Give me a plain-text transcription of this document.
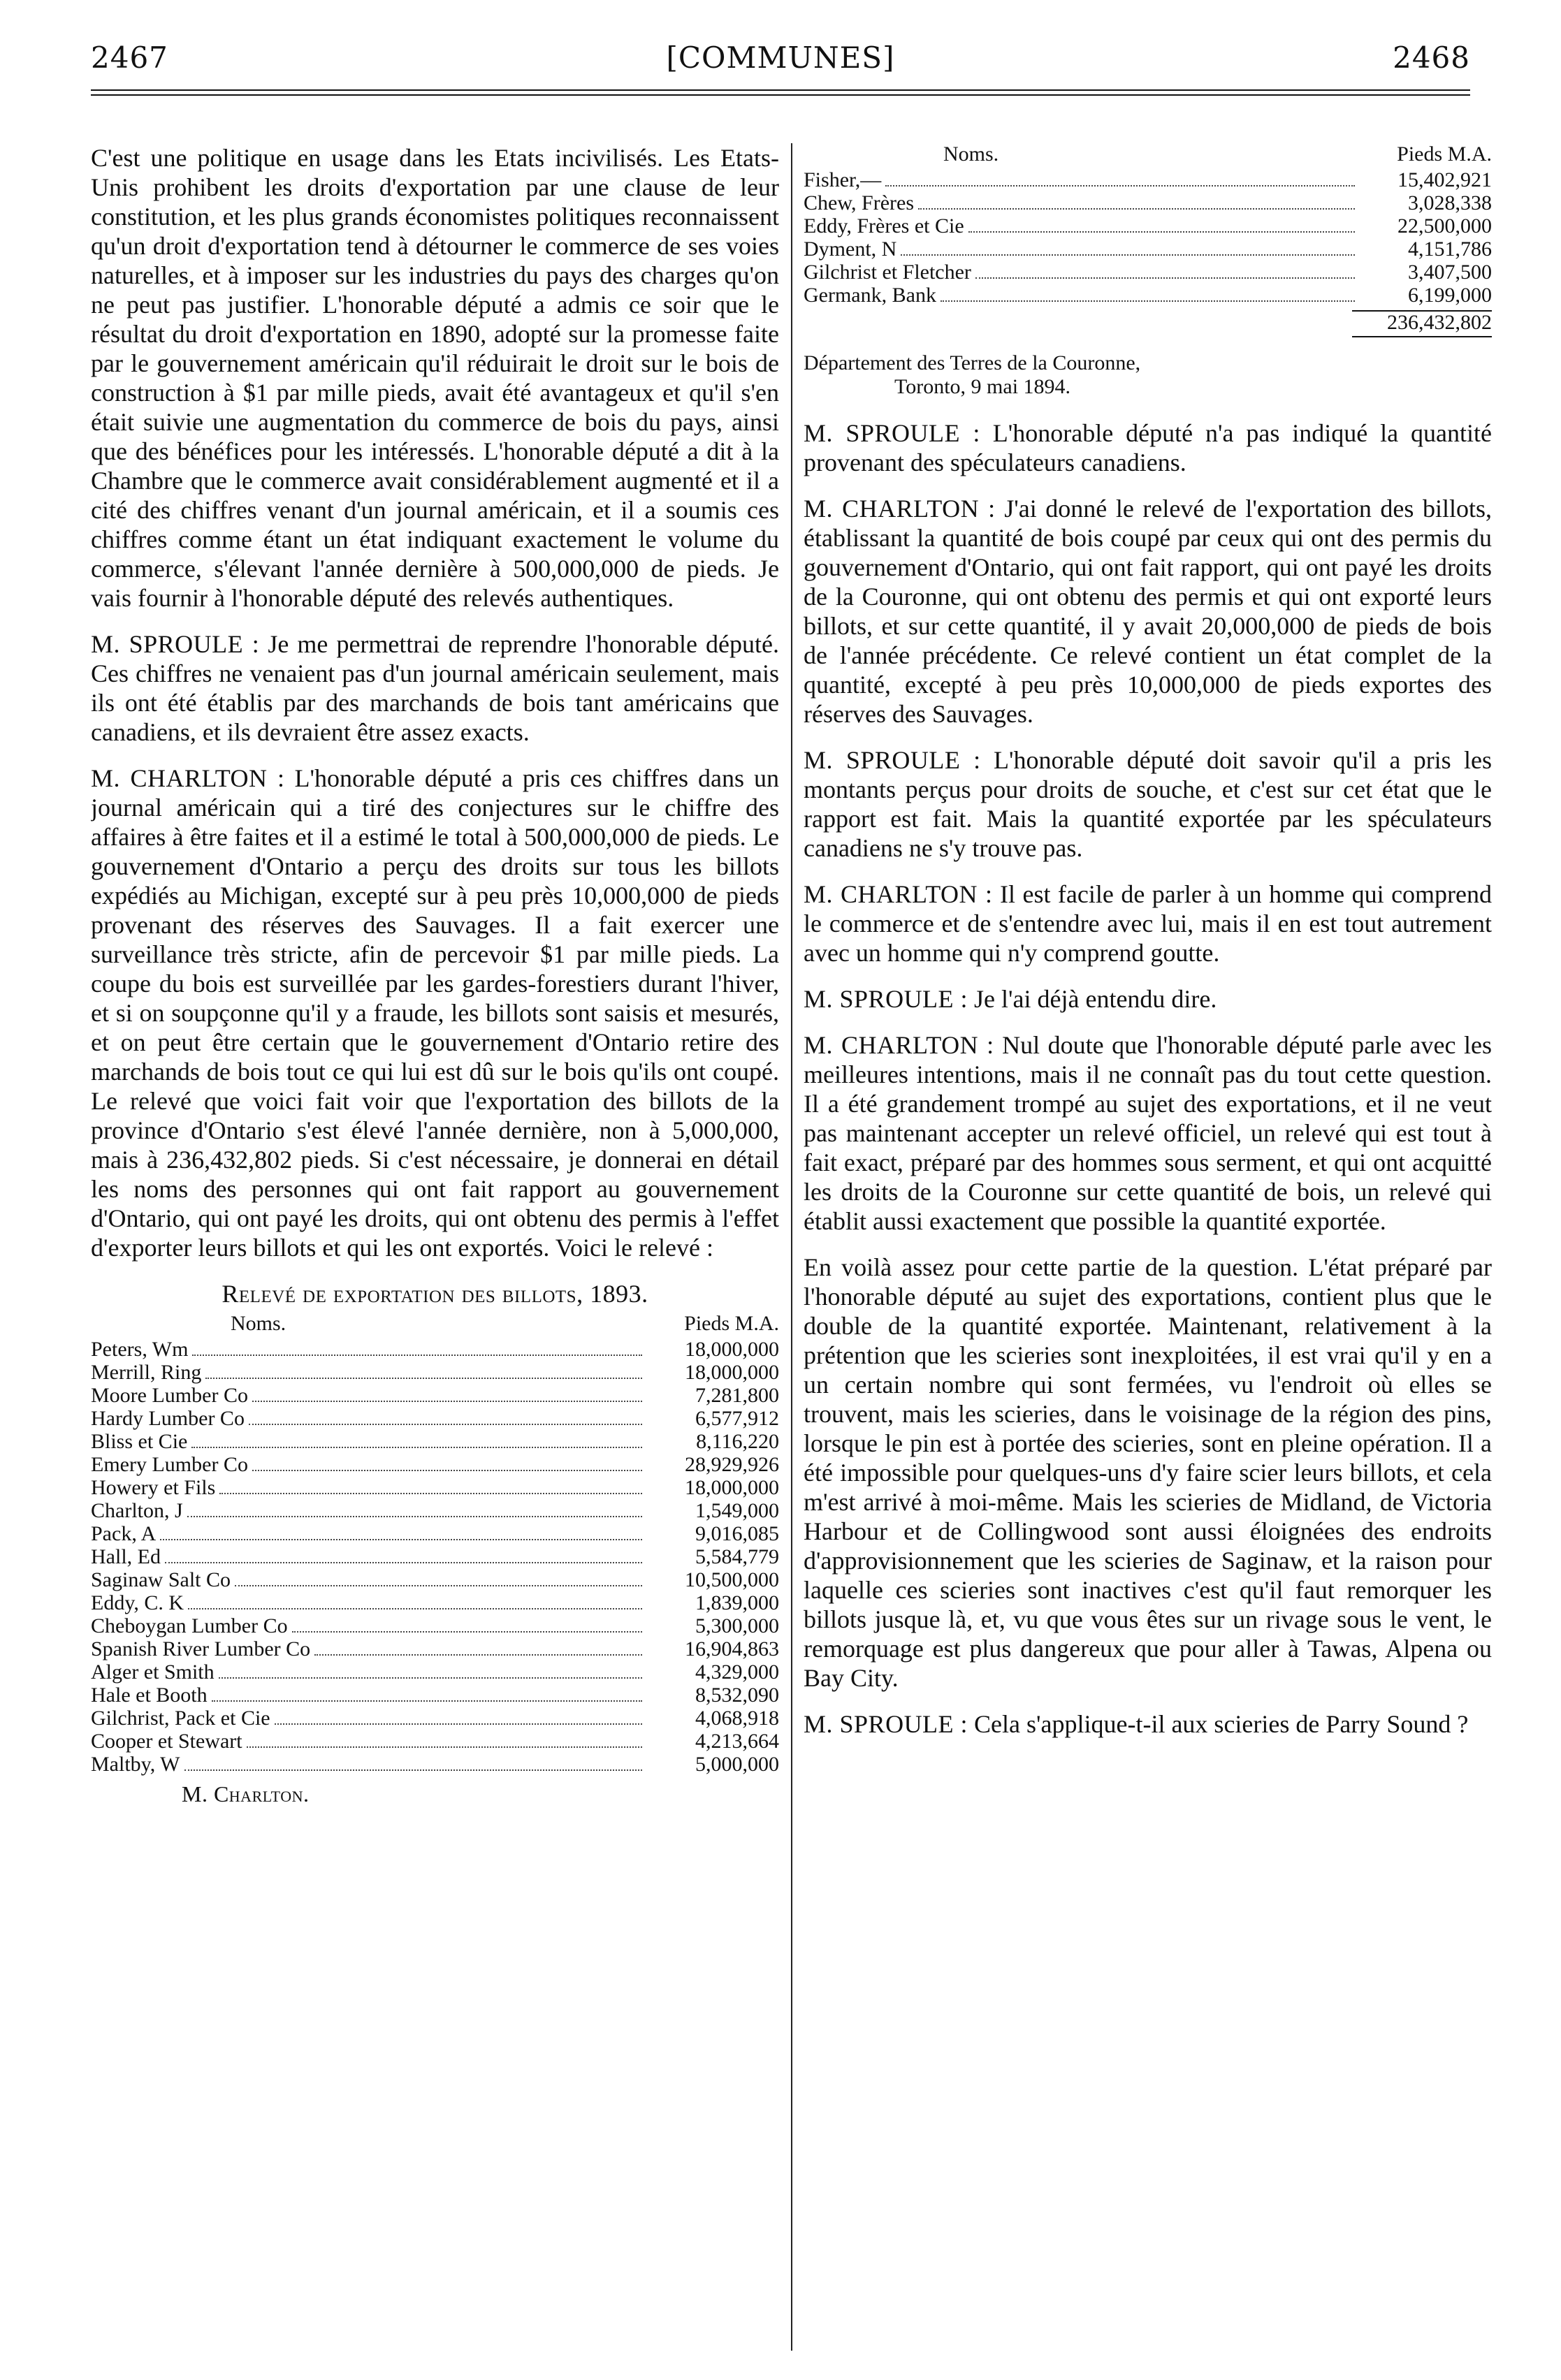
2467	[COMMUNES]	2468

C'est une politique en usage dans les Etats incivilisés. Les Etats-Unis prohibent les droits d'exportation par une clause de leur constitution, et les plus grands économistes politiques reconnaissent qu'un droit d'exportation tend à détourner le commerce de ses voies naturelles, et à imposer sur les industries du pays des charges qu'on ne peut pas justifier. L'honorable député a admis ce soir que le résultat du droit d'exportation en 1890, adopté sur la promesse faite par le gouvernement américain qu'il réduirait le droit sur le bois de construction à $1 par mille pieds, avait été avantageux et qu'il s'en était suivie une augmentation du commerce de bois du pays, ainsi que des bénéfices pour les intéressés. L'honorable député a dit à la Chambre que le commerce avait considérablement augmenté et il a cité des chiffres venant d'un journal américain, et il a soumis ces chiffres comme étant un état indiquant exactement le volume du commerce, s'élevant l'année dernière à 500,000,000 de pieds. Je vais fournir à l'honorable député des relevés authentiques.

M. SPROULE : Je me permettrai de reprendre l'honorable député. Ces chiffres ne venaient pas d'un journal américain seulement, mais ils ont été établis par des marchands de bois tant américains que canadiens, et ils devraient être assez exacts.

M. CHARLTON : L'honorable député a pris ces chiffres dans un journal américain qui a tiré des conjectures sur le chiffre des affaires à être faites et il a estimé le total à 500,000,000 de pieds. Le gouvernement d'Ontario a perçu des droits sur tous les billots expédiés au Michigan, excepté sur à peu près 10,000,000 de pieds provenant des réserves des Sauvages. Il a fait exercer une surveillance très stricte, afin de percevoir $1 par mille pieds. La coupe du bois est surveillée par les gardes-forestiers durant l'hiver, et si on soupçonne qu'il y a fraude, les billots sont saisis et mesurés, et on peut être certain que le gouvernement d'Ontario retire des marchands de bois tout ce qui lui est dû sur le bois qu'ils ont coupé. Le relevé que voici fait voir que l'exportation des billots de la province d'Ontario s'est élevé l'année dernière, non à 5,000,000, mais à 236,432,802 pieds. Si c'est nécessaire, je donnerai en détail les noms des personnes qui ont fait rapport au gouvernement d'Ontario, qui ont payé les droits, qui ont obtenu des permis à l'effet d'exporter leurs billots et qui les ont exportés. Voici le relevé :

Relevé de exportation des billots, 1893.
Noms.	Pieds M.A.
Peters, Wm	18,000,000
Merrill, Ring	18,000,000
Moore Lumber Co	7,281,800
Hardy Lumber Co	6,577,912
Bliss et Cie	8,116,220
Emery Lumber Co	28,929,926
Howery et Fils	18,000,000
Charlton, J	1,549,000
Pack, A	9,016,085
Hall, Ed	5,584,779
Saginaw Salt Co	10,500,000
Eddy, C. K	1,839,000
Cheboygan Lumber Co	5,300,000
Spanish River Lumber Co	16,904,863
Alger et Smith	4,329,000
Hale et Booth	8,532,090
Gilchrist, Pack et Cie	4,068,918
Cooper et Stewart	4,213,664
Maltby, W	5,000,000
M. Charlton.
Noms.	Pieds M.A.
Fisher,—	15,402,921
Chew, Frères	3,028,338
Eddy, Frères et Cie	22,500,000
Dyment, N	4,151,786
Gilchrist et Fletcher	3,407,500
Germank, Bank	6,199,000
236,432,802
Département des Terres de la Couronne,
Toronto, 9 mai 1894.

M. SPROULE : L'honorable député n'a pas indiqué la quantité provenant des spéculateurs canadiens.

M. CHARLTON : J'ai donné le relevé de l'exportation des billots, établissant la quantité de bois coupé par ceux qui ont des permis du gouvernement d'Ontario, qui ont fait rapport, qui ont payé les droits de la Couronne, qui ont obtenu des permis et qui ont exporté leurs billots, et sur cette quantité, il y avait 20,000,000 de pieds de bois de l'année précédente. Ce relevé contient un état complet de la quantité, excepté à peu près 10,000,000 de pieds exportes des réserves des Sauvages.

M. SPROULE : L'honorable député doit savoir qu'il a pris les montants perçus pour droits de souche, et c'est sur cet état que le rapport est fait. Mais la quantité exportée par les spéculateurs canadiens ne s'y trouve pas.

M. CHARLTON : Il est facile de parler à un homme qui comprend le commerce et de s'entendre avec lui, mais il en est tout autrement avec un homme qui n'y comprend goutte.

M. SPROULE : Je l'ai déjà entendu dire.

M. CHARLTON : Nul doute que l'honorable député parle avec les meilleures intentions, mais il ne connaît pas du tout cette question. Il a été grandement trompé au sujet des exportations, et il ne veut pas maintenant accepter un relevé officiel, un relevé qui est tout à fait exact, préparé par des hommes sous serment, et qui ont acquitté les droits de la Couronne sur cette quantité de bois, un relevé qui établit aussi exactement que possible la quantité exportée.

En voilà assez pour cette partie de la question. L'état préparé par l'honorable député au sujet des exportations, contient plus que le double de la quantité exportée. Maintenant, relativement à la prétention que les scieries sont inexploitées, il est vrai qu'il y en a un certain nombre qui sont fermées, vu l'endroit où elles se trouvent, mais les scieries, dans le voisinage de la région des pins, lorsque le pin est à portée des scieries, sont en pleine opération. Il a été impossible pour quelques-uns d'y faire scier leurs billots, et cela m'est arrivé à moi-même. Mais les scieries de Midland, de Victoria Harbour et de Collingwood sont aussi éloignées des endroits d'approvisionnement que les scieries de Saginaw, et la raison pour laquelle ces scieries sont inactives c'est qu'il faut remorquer les billots jusque là, et, vu que vous êtes sur un rivage sous le vent, le remorquage est plus dangereux que pour aller à Tawas, Alpena ou Bay City.

M. SPROULE : Cela s'applique-t-il aux scieries de Parry Sound ?
